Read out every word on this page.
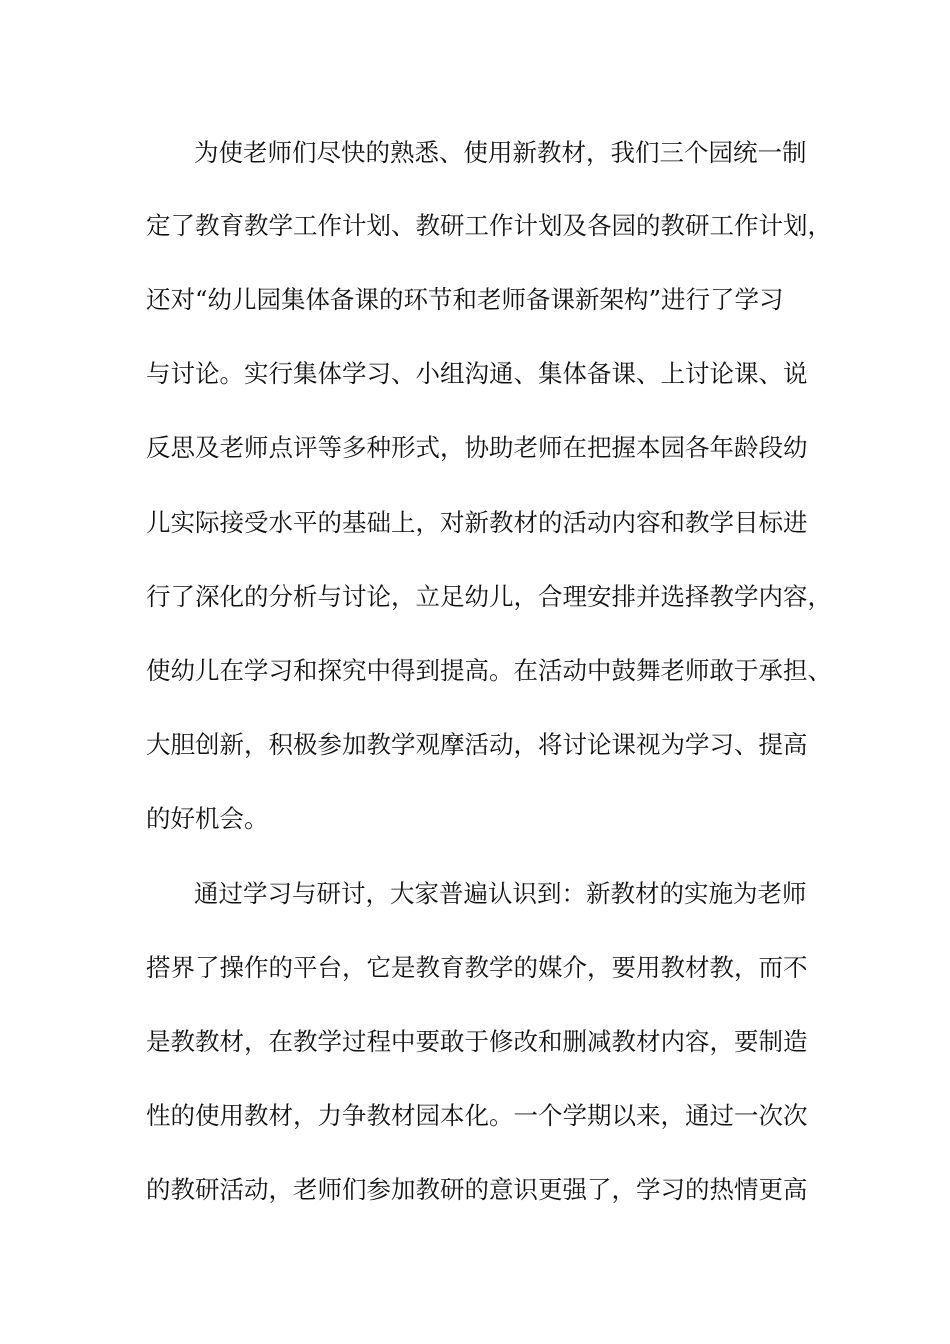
为使老师们尽快的熟悉、使用新教材，我们三个园统一制
定了教育教学工作计划、教研工作计划及各园的教研工作计划，
还对“幼儿园集体备课的环节和老师备课新架构”进行了学习
与讨论。实行集体学习、小组沟通、集体备课、上讨论课、说
反思及老师点评等多种形式，协助老师在把握本园各年龄段幼
儿实际接受水平的基础上，对新教材的活动内容和教学目标进
行了深化的分析与讨论，立足幼儿，合理安排并选择教学内容，
使幼儿在学习和探究中得到提高。在活动中鼓舞老师敢于承担、
大胆创新，积极参加教学观摩活动，将讨论课视为学习、提高
的好机会。
通过学习与研讨，大家普遍认识到：新教材的实施为老师
搭界了操作的平台，它是教育教学的媒介，要用教材教，而不
是教教材，在教学过程中要敢于修改和删减教材内容，要制造
性的使用教材，力争教材园本化。一个学期以来，通过一次次
的教研活动，老师们参加教研的意识更强了，学习的热情更高
